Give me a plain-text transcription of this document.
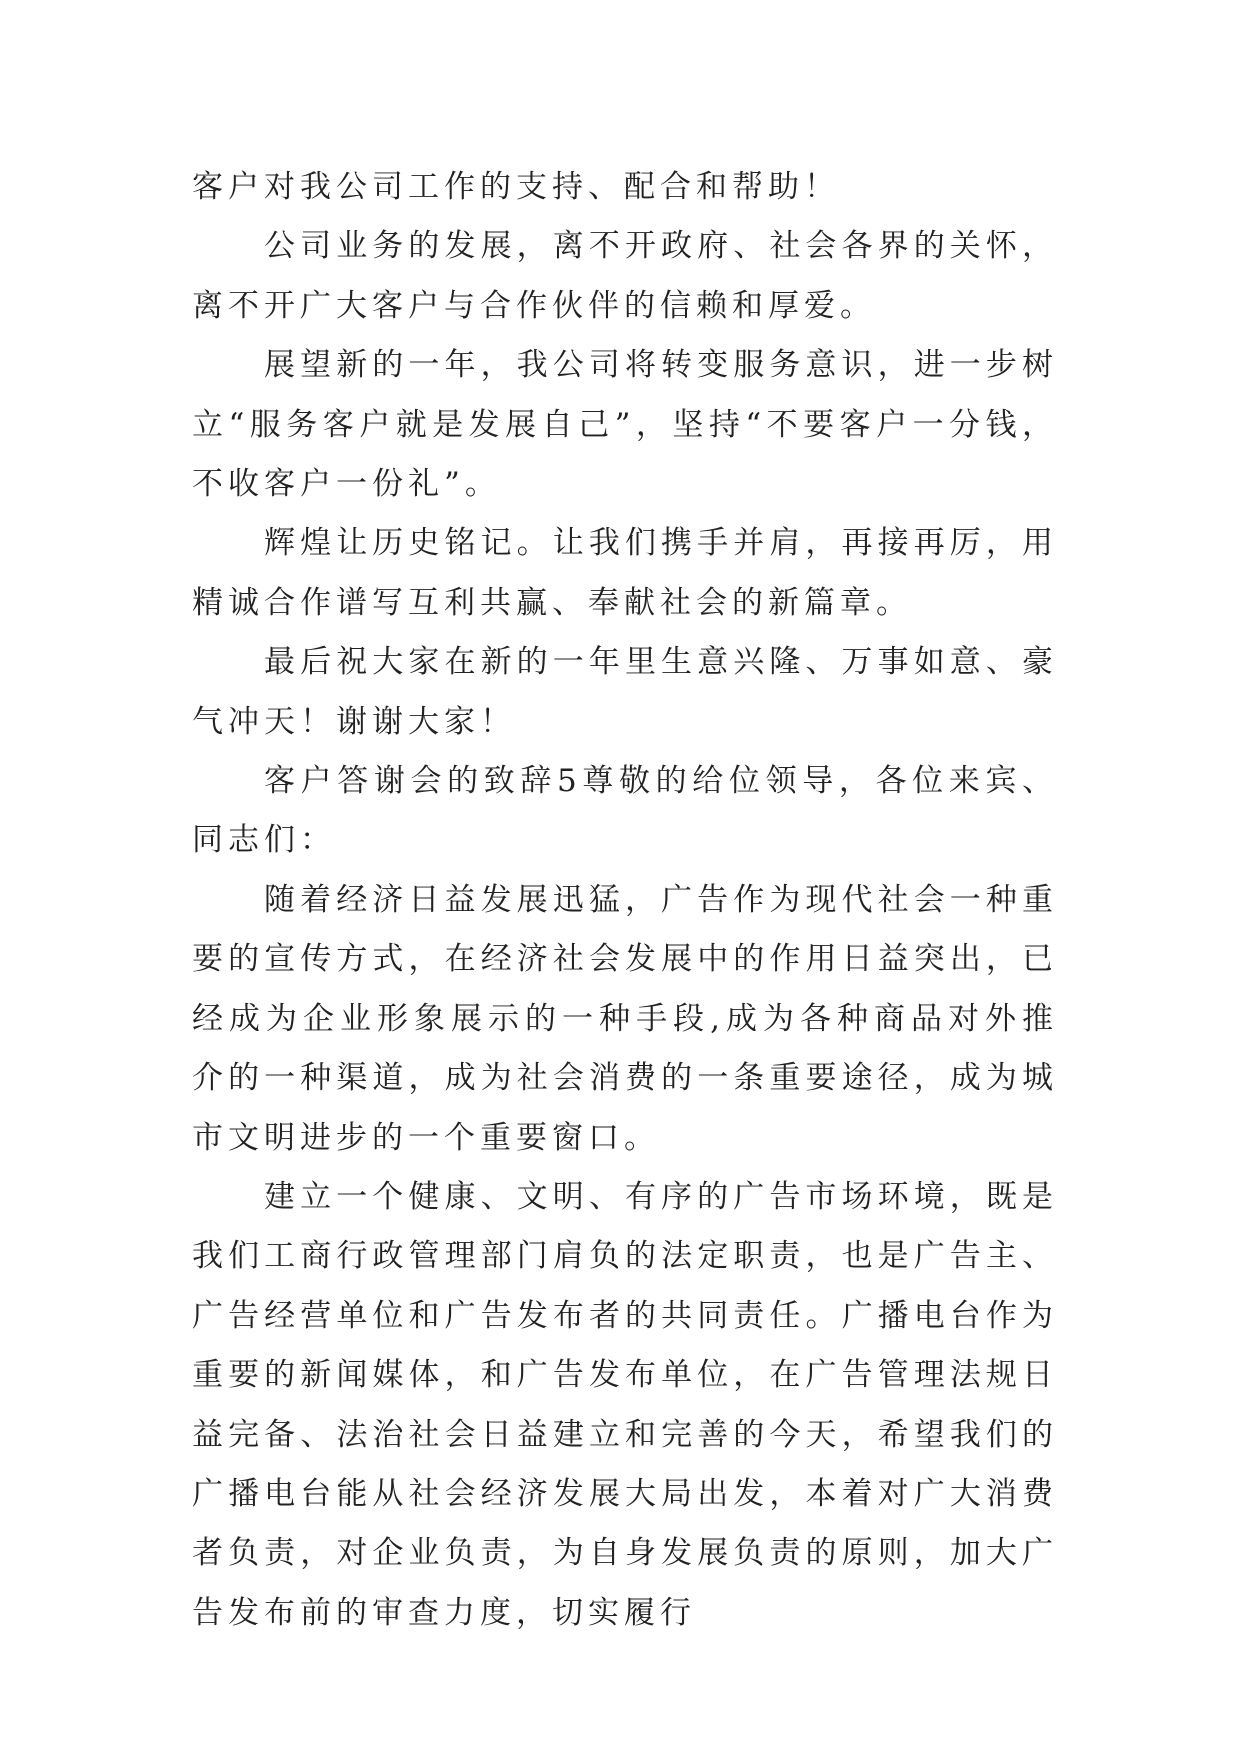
客户对我公司工作的支持、配合和帮助！

公司业务的发展，离不开政府、社会各界的关怀，离不开广大客户与合作伙伴的信赖和厚爱。

展望新的一年，我公司将转变服务意识，进一步树立“服务客户就是发展自己”，坚持“不要客户一分钱，不收客户一份礼”。

辉煌让历史铭记。让我们携手并肩，再接再厉，用精诚合作谱写互利共赢、奉献社会的新篇章。

最后祝大家在新的一年里生意兴隆、万事如意、豪气冲天！谢谢大家！

客户答谢会的致辞5尊敬的给位领导，各位来宾、同志们：

随着经济日益发展迅猛，广告作为现代社会一种重要的宣传方式，在经济社会发展中的作用日益突出，已经成为企业形象展示的一种手段,成为各种商品对外推介的一种渠道，成为社会消费的一条重要途径，成为城市文明进步的一个重要窗口。

建立一个健康、文明、有序的广告市场环境，既是我们工商行政管理部门肩负的法定职责，也是广告主、广告经营单位和广告发布者的共同责任。广播电台作为重要的新闻媒体，和广告发布单位，在广告管理法规日益完备、法治社会日益建立和完善的今天，希望我们的广播电台能从社会经济发展大局出发，本着对广大消费者负责，对企业负责，为自身发展负责的原则，加大广告发布前的审查力度，切实履行
